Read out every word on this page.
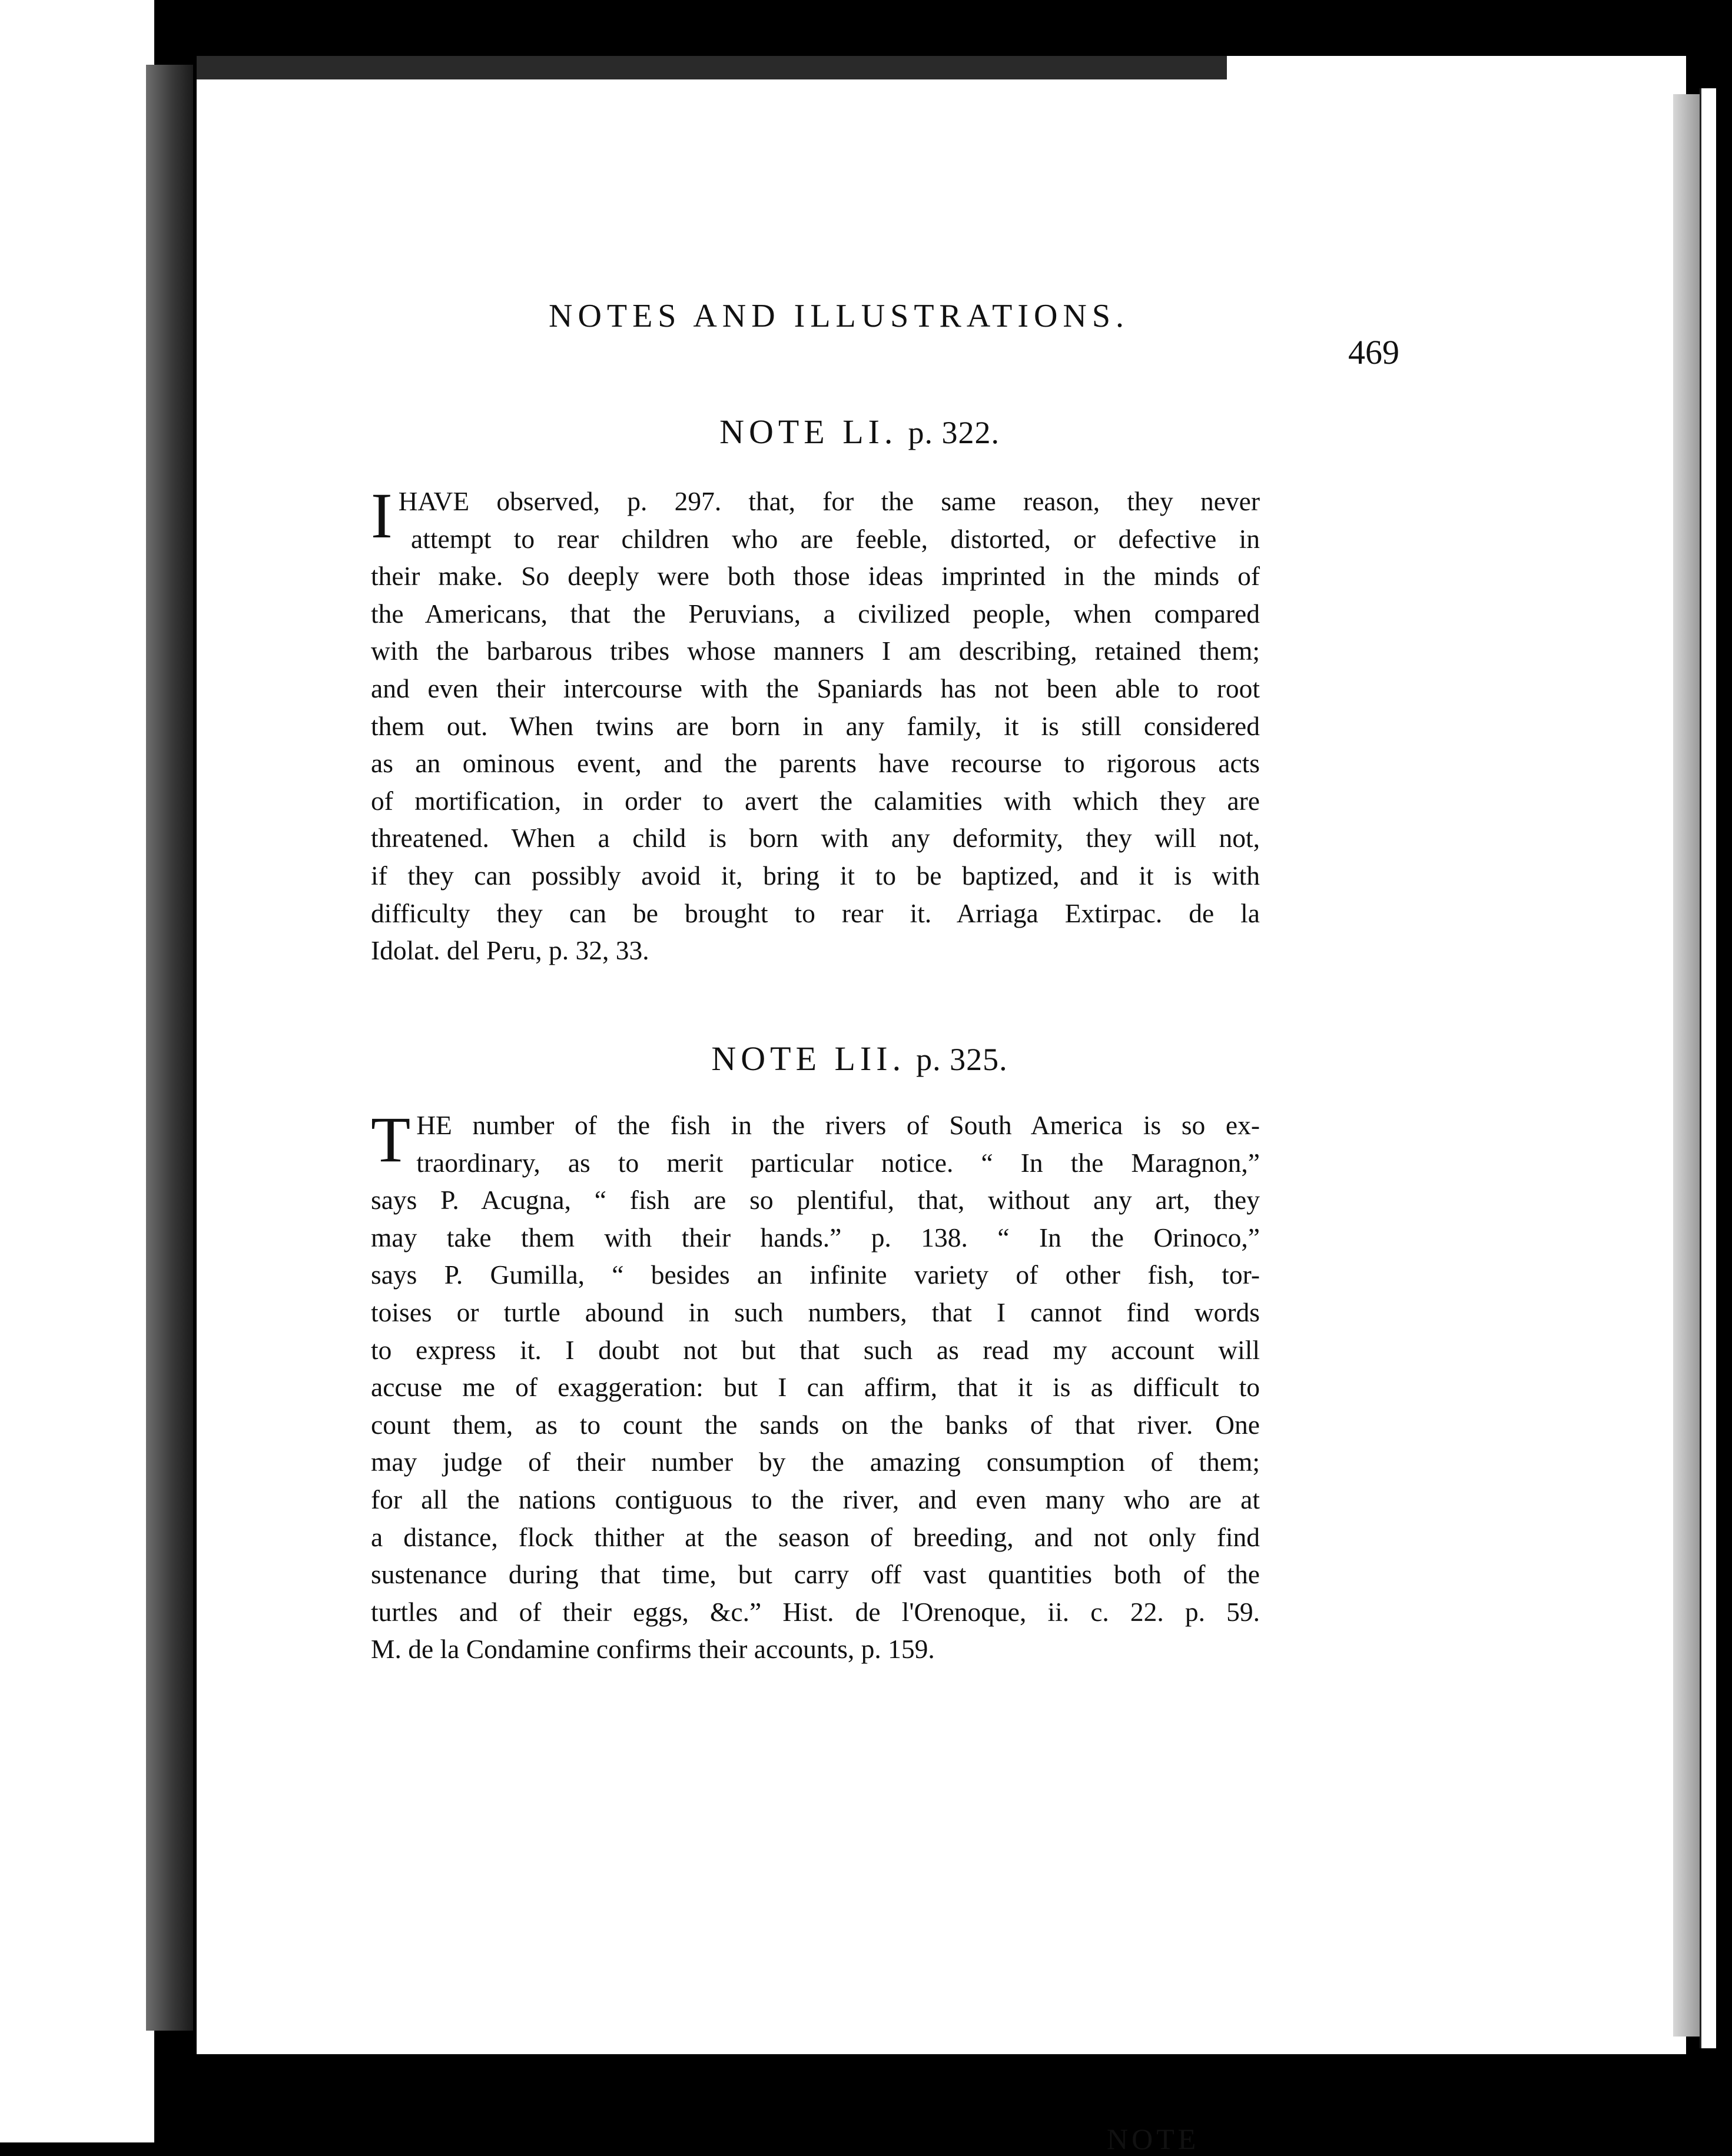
NOTES AND ILLUSTRATIONS.
469
NOTE LI. p. 322.
I HAVE observed, p. 297. that, for the same reason, they never
attempt to rear children who are feeble, distorted, or defective in
their make. So deeply were both those ideas imprinted in the minds of
the Americans, that the Peruvians, a civilized people, when compared
with the barbarous tribes whose manners I am describing, retained them;
and even their intercourse with the Spaniards has not been able to root
them out. When twins are born in any family, it is still considered
as an ominous event, and the parents have recourse to rigorous acts
of mortification, in order to avert the calamities with which they are
threatened. When a child is born with any deformity, they will not,
if they can possibly avoid it, bring it to be baptized, and it is with
difficulty they can be brought to rear it. Arriaga Extirpac. de la
Idolat. del Peru, p. 32, 33.
NOTE LII. p. 325.
T HE number of the fish in the rivers of South America is so ex-
traordinary, as to merit particular notice. “ In the Maragnon,”
says P. Acugna, “ fish are so plentiful, that, without any art, they
may take them with their hands.” p. 138. “ In the Orinoco,”
says P. Gumilla, “ besides an infinite variety of other fish, tor-
toises or turtle abound in such numbers, that I cannot find words
to express it. I doubt not but that such as read my account will
accuse me of exaggeration: but I can affirm, that it is as difficult to
count them, as to count the sands on the banks of that river. One
may judge of their number by the amazing consumption of them;
for all the nations contiguous to the river, and even many who are at
a distance, flock thither at the season of breeding, and not only find
sustenance during that time, but carry off vast quantities both of the
turtles and of their eggs, &c.” Hist. de l'Orenoque, ii. c. 22. p. 59.
M. de la Condamine confirms their accounts, p. 159.
NOTE
